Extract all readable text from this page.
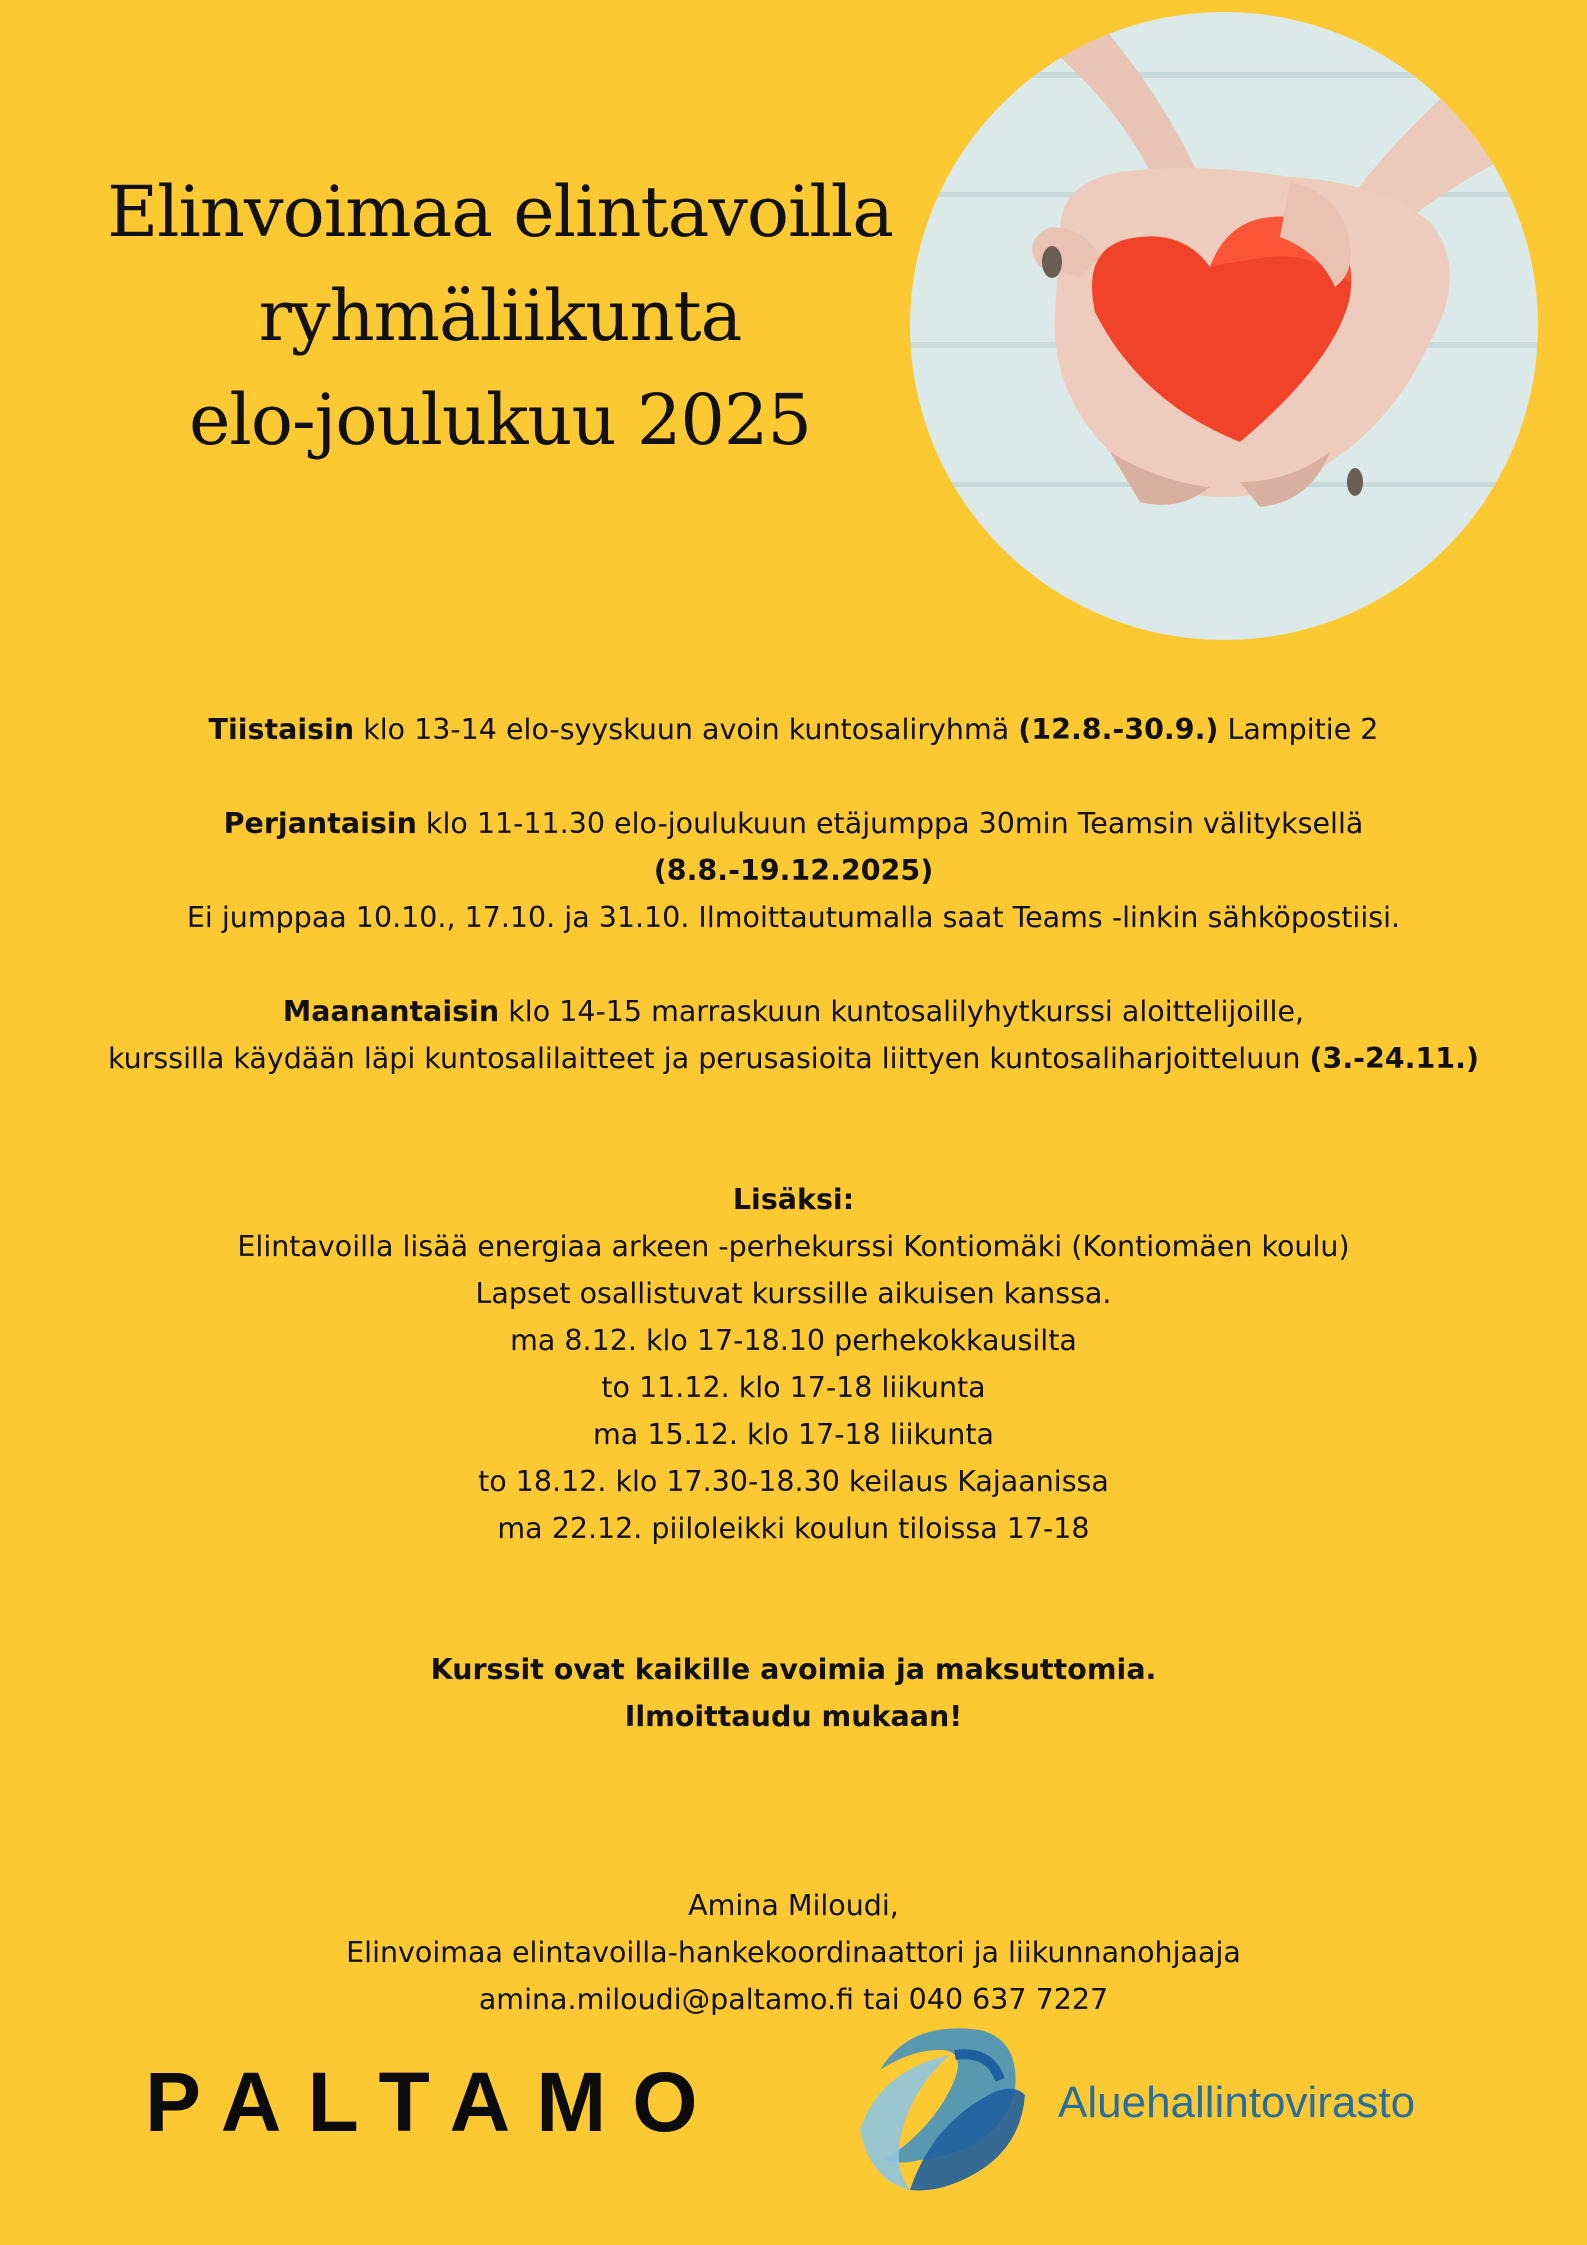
Elinvoimaa elintavoilla
ryhmäliikunta
elo-joulukuu 2025

Tiistaisin klo 13-14 elo-syyskuun avoin kuntosaliryhmä (12.8.-30.9.) Lampitie 2

Perjantaisin klo 11-11.30 elo-joulukuun etäjumppa 30min Teamsin välityksellä (8.8.-19.12.2025)

Ei jumppaa 10.10., 17.10. ja 31.10. Ilmoittautumalla saat Teams -linkin sähköpostiisi.

Maanantaisin klo 14-15 marraskuun kuntosalilyhytkurssi aloittelijoille,

kurssilla käydään läpi kuntosalilaitteet ja perusasioita liittyen kuntosaliharjoitteluun (3.-24.11.)

Lisäksi:

Elintavoilla lisää energiaa arkeen -perhekurssi Kontiomäki (Kontiomäen koulu)

Lapset osallistuvat kurssille aikuisen kanssa.

ma 8.12. klo 17-18.10 perhekokkausilta

to 11.12. klo 17-18 liikunta

ma 15.12. klo 17-18 liikunta

to 18.12. klo 17.30-18.30 keilaus Kajaanissa

ma 22.12. piiloleikki koulun tiloissa 17-18

Kurssit ovat kaikille avoimia ja maksuttomia.

Ilmoittaudu mukaan!

Amina Miloudi,

Elinvoimaa elintavoilla-hankekoordinaattori ja liikunnanohjaaja

amina.miloudi@paltamo.fi tai 040 637 7227

PALTAMO	Aluehallintovirasto
